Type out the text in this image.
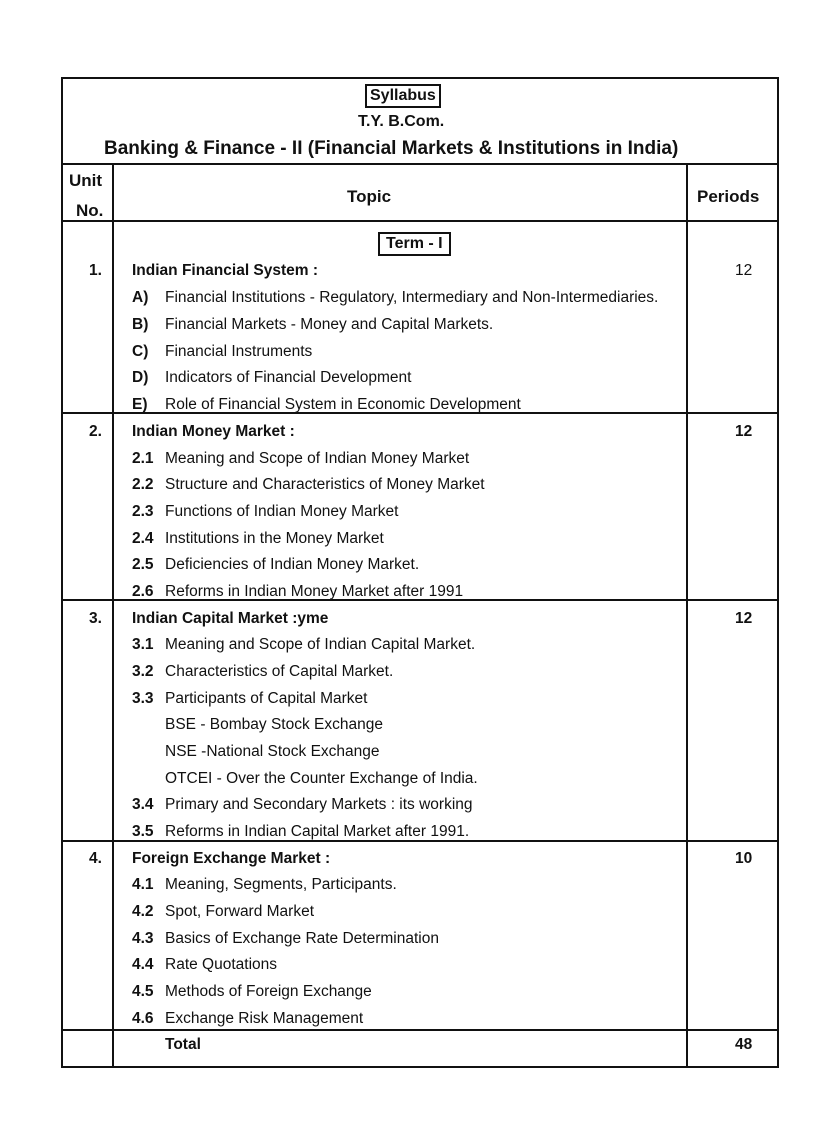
Syllabus
T.Y. B.Com.
Banking & Finance - II (Financial Markets & Institutions in India)
Unit
No.
Topic	Periods
Term - I
1. Indian Financial System :	12
A) Financial Institutions - Regulatory, Intermediary and Non-Intermediaries.
B) Financial Markets - Money and Capital Markets.
C) Financial Instruments
D) Indicators of Financial Development
E) Role of Financial System in Economic Development
2. Indian Money Market :	12
2.1 Meaning and Scope of Indian Money Market
2.2 Structure and Characteristics of Money Market
2.3 Functions of Indian Money Market
2.4 Institutions in the Money Market
2.5 Deficiencies of Indian Money Market.
2.6 Reforms in Indian Money Market after 1991
3. Indian Capital Market :yme	12
3.1 Meaning and Scope of Indian Capital Market.
3.2 Characteristics of Capital Market.
3.3 Participants of Capital Market
BSE - Bombay Stock Exchange
NSE -National Stock Exchange
OTCEI - Over the Counter Exchange of India.
3.4 Primary and Secondary Markets : its working
3.5 Reforms in Indian Capital Market after 1991.
4. Foreign Exchange Market :	10
4.1 Meaning, Segments, Participants.
4.2 Spot, Forward Market
4.3 Basics of Exchange Rate Determination
4.4 Rate Quotations
4.5 Methods of Foreign Exchange
4.6 Exchange Risk Management
Total	48
